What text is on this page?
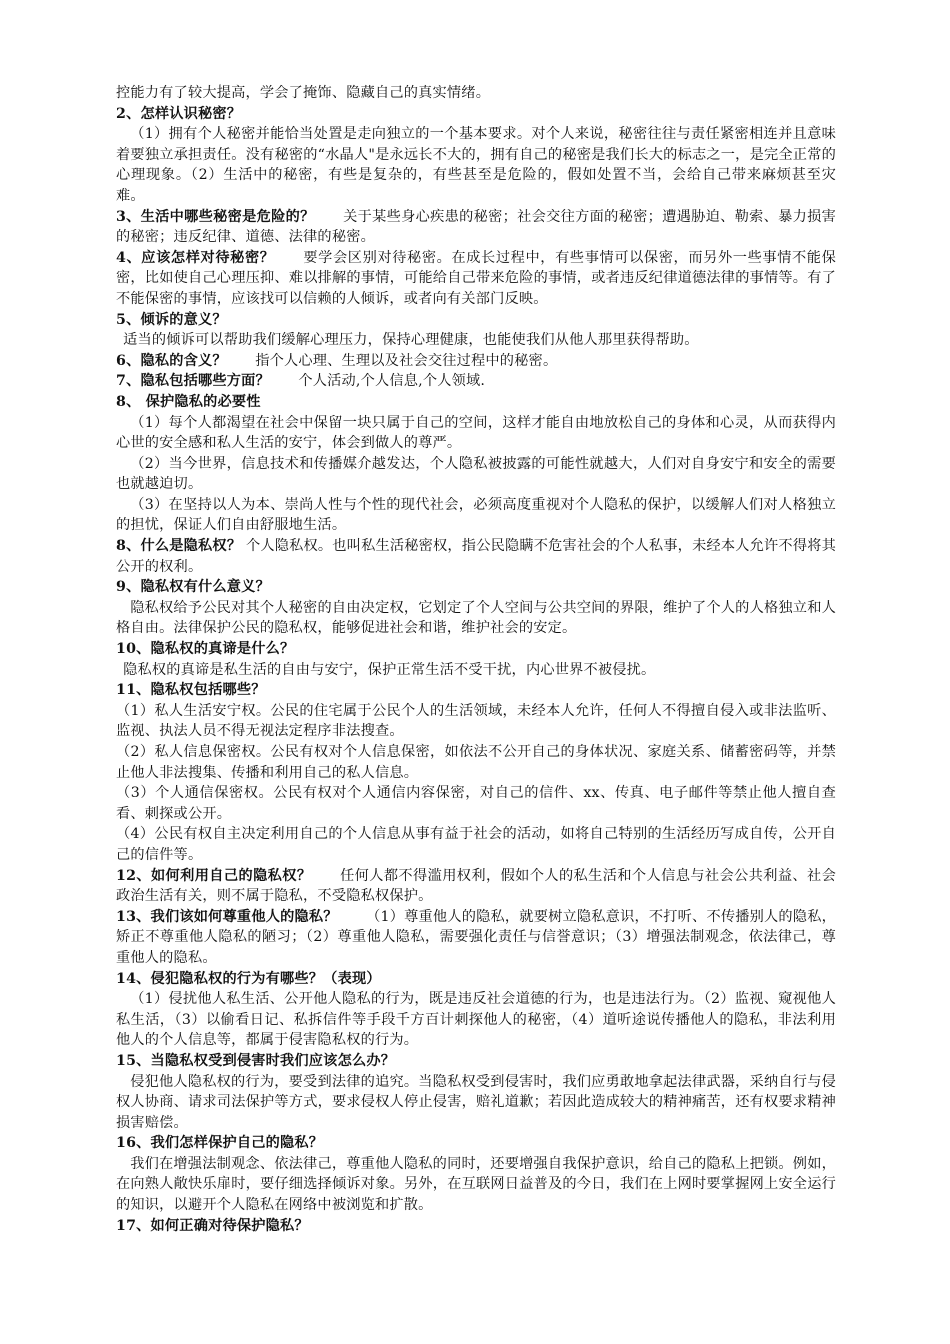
控能力有了较大提高，学会了掩饰、隐藏自己的真实情绪。

2、怎样认识秘密？

（1）拥有个人秘密并能恰当处置是走向独立的一个基本要求。对个人来说，秘密往往与责任紧密相连并且意味着要独立承担责任。没有秘密的“水晶人"是永远长不大的，拥有自己的秘密是我们长大的标志之一，是完全正常的心理现象。（2）生活中的秘密，有些是复杂的，有些甚至是危险的，假如处置不当，会给自己带来麻烦甚至灾难。

3、生活中哪些秘密是危险的？ 关于某些身心疾患的秘密；社会交往方面的秘密；遭遇胁迫、勒索、暴力损害的秘密；违反纪律、道德、法律的秘密。

4、应该怎样对待秘密？ 要学会区别对待秘密。在成长过程中，有些事情可以保密，而另外一些事情不能保密，比如使自己心理压抑、难以排解的事情，可能给自己带来危险的事情，或者违反纪律道德法律的事情等。有了不能保密的事情，应该找可以信赖的人倾诉，或者向有关部门反映。

5、倾诉的意义？

适当的倾诉可以帮助我们缓解心理压力，保持心理健康，也能使我们从他人那里获得帮助。

6、隐私的含义？ 指个人心理、生理以及社会交往过程中的秘密。

7、隐私包括哪些方面？ 个人活动,个人信息,个人领域.

8、 保护隐私的必要性

（1）每个人都渴望在社会中保留一块只属于自己的空间，这样才能自由地放松自己的身体和心灵，从而获得内心世的安全感和私人生活的安宁，体会到做人的尊严。

（2）当今世界，信息技术和传播媒介越发达，个人隐私被披露的可能性就越大，人们对自身安宁和安全的需要也就越迫切。

（3）在坚持以人为本、崇尚人性与个性的现代社会，必须高度重视对个人隐私的保护，以缓解人们对人格独立的担忧，保证人们自由舒服地生活。

8、什么是隐私权？ 个人隐私权。也叫私生活秘密权，指公民隐瞒不危害社会的个人私事，未经本人允许不得将其公开的权利。

9、隐私权有什么意义？

隐私权给予公民对其个人秘密的自由决定权，它划定了个人空间与公共空间的界限，维护了个人的人格独立和人格自由。法律保护公民的隐私权，能够促进社会和谐，维护社会的安定。

10、隐私权的真谛是什么？

隐私权的真谛是私生活的自由与安宁，保护正常生活不受干扰，内心世界不被侵扰。

11、隐私权包括哪些？

（1）私人生活安宁权。公民的住宅属于公民个人的生活领域，未经本人允许，任何人不得擅自侵入或非法监听、监视、执法人员不得无视法定程序非法搜查。

（2）私人信息保密权。公民有权对个人信息保密，如依法不公开自己的身体状况、家庭关系、储蓄密码等，并禁止他人非法搜集、传播和利用自己的私人信息。

（3）个人通信保密权。公民有权对个人通信内容保密，对自己的信件、xx、传真、电子邮件等禁止他人擅自查看、刺探或公开。

（4）公民有权自主决定利用自己的个人信息从事有益于社会的活动，如将自己特别的生活经历写成自传，公开自己的信件等。

12、如何利用自己的隐私权？ 任何人都不得滥用权利，假如个人的私生活和个人信息与社会公共利益、社会政治生活有关，则不属于隐私，不受隐私权保护。

13、我们该如何尊重他人的隐私？ （1）尊重他人的隐私，就要树立隐私意识，不打听、不传播别人的隐私，矫正不尊重他人隐私的陋习；（2）尊重他人隐私，需要强化责任与信誉意识；（3）增强法制观念，依法律己，尊重他人的隐私。

14、侵犯隐私权的行为有哪些？（表现）

（1）侵扰他人私生活、公开他人隐私的行为，既是违反社会道德的行为，也是违法行为。（2）监视、窥视他人私生活，（3）以偷看日记、私拆信件等手段千方百计刺探他人的秘密，（4）道听途说传播他人的隐私，非法利用他人的个人信息等，都属于侵害隐私权的行为。

15、当隐私权受到侵害时我们应该怎么办？

侵犯他人隐私权的行为，要受到法律的追究。当隐私权受到侵害时，我们应勇敢地拿起法律武器，采纳自行与侵权人协商、请求司法保护等方式，要求侵权人停止侵害，赔礼道歉；若因此造成较大的精神痛苦，还有权要求精神损害赔偿。

16、我们怎样保护自己的隐私？

我们在增强法制观念、依法律己，尊重他人隐私的同时，还要增强自我保护意识，给自己的隐私上把锁。例如，在向熟人敞快乐扉时，要仔细选择倾诉对象。另外，在互联网日益普及的今日，我们在上网时要掌握网上安全运行的知识，以避开个人隐私在网络中被浏览和扩散。

17、如何正确对待保护隐私？
